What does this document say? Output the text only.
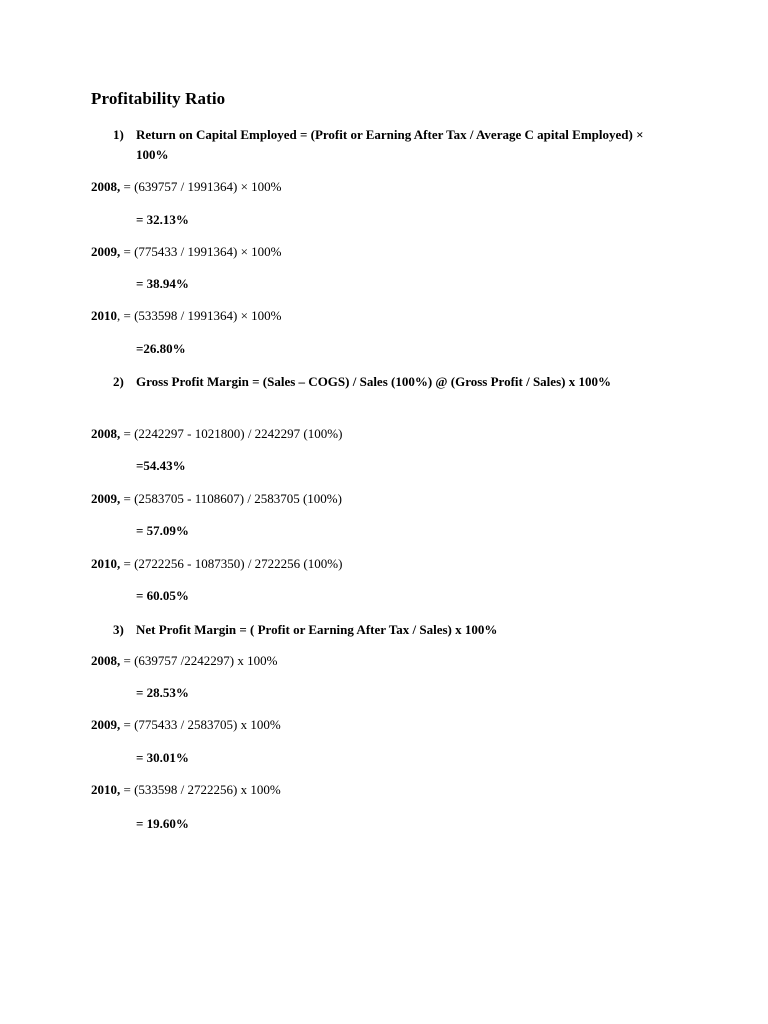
Profitability Ratio
1) Return on Capital Employed = (Profit or Earning After Tax / Average C apital Employed) × 100%
2008, = (639757 / 1991364) × 100%
= 32.13%
2009, = (775433 / 1991364) × 100%
= 38.94%
2010, = (533598 / 1991364) × 100%
=26.80%
2) Gross Profit Margin = (Sales – COGS) / Sales (100%) @ (Gross Profit / Sales) x 100%
2008, = (2242297 - 1021800) / 2242297 (100%)
=54.43%
2009, = (2583705 - 1108607) / 2583705 (100%)
= 57.09%
2010, = (2722256 - 1087350) / 2722256 (100%)
= 60.05%
3) Net Profit Margin = ( Profit or Earning After Tax / Sales) x 100%
2008, = (639757 /2242297) x 100%
= 28.53%
2009, = (775433 / 2583705) x 100%
= 30.01%
2010, = (533598 / 2722256) x 100%
= 19.60%
